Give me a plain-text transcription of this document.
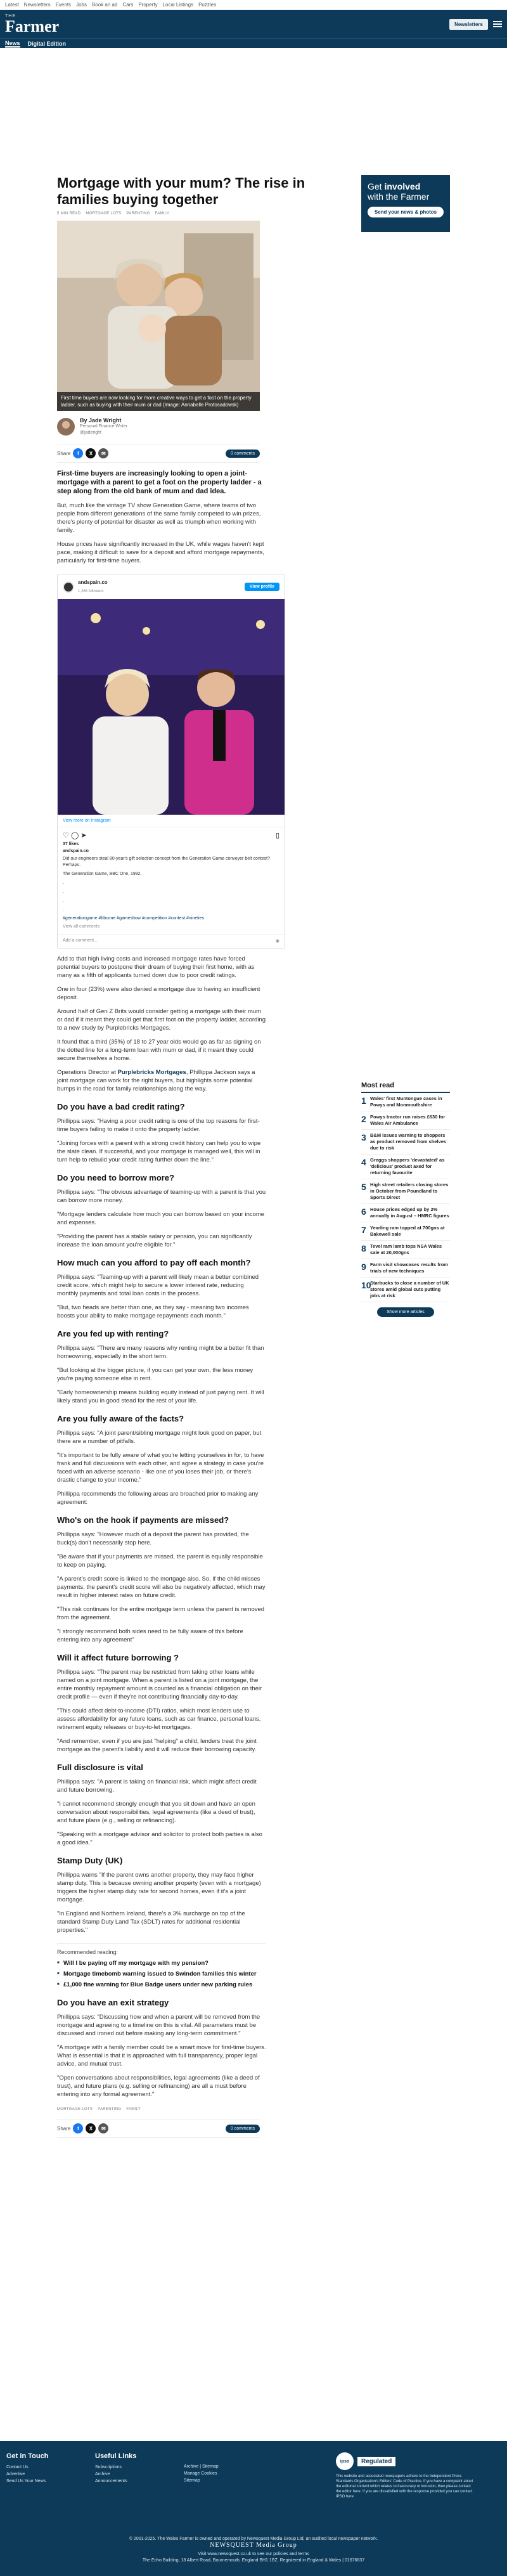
Latest Newsletters Events Jobs Book an ad Cars Property Local Listings Puzzles
THE
Farmer	Newsletters
News Digital Edition
Mortgage with your mum? The rise in families buying together
5 MIN READ MORTGAGE LOTS PARENTING FAMILY
First time buyers are now looking for more creative ways to get a foot on the property ladder, such as buying with their mum or dad (Image: Annabelle Protosadowsk)
By Jade Wright
Personal Finance Writer
@jaderight
Share	f	X	✉	0 comments

First-time buyers are increasingly looking to open a joint-mortgage with a parent to get a foot on the property ladder - a step along from the old bank of mum and dad idea.

But, much like the vintage TV show Generation Game, where teams of two people from different generations of the same family competed to win prizes, there's plenty of potential for disaster as well as triumph when working with family.

House prices have significantly increased in the UK, while wages haven't kept pace, making it difficult to save for a deposit and afford mortgage repayments, particularly for first-time buyers.

andspain.co
1,266 followers
View profile
View more on Instagram
♡ ◯ ➤	▯
37 likes
andspain.co
Did our engineers steal 80-year's gift selection concept from the Generation Game conveyer belt contest? Perhaps.
The Generation Game, BBC One, 1992.
.
.
.
.
#generationgame #bbcone #gameshow #competition #contest #nineties
View all comments
Add a comment...	◉

Add to that high living costs and increased mortgage rates have forced potential buyers to postpone their dream of buying their first home, with as many as a fifth of applicants turned down due to poor credit ratings.

One in four (23%) were also denied a mortgage due to having an insufficient deposit.

Around half of Gen Z Brits would consider getting a mortgage with their mum or dad if it meant they could get that first foot on the property ladder, according to a new study by Purplebricks Mortgages.

It found that a third (35%) of 18 to 27 year olds would go as far as signing on the dotted line for a long-term loan with mum or dad, if it meant they could secure themselves a home.

Operations Director at Purplebricks Mortgages, Phillippa Jackson says a joint mortgage can work for the right buyers, but highlights some potential bumps in the road for family relationships along the way.

Do you have a bad credit rating?

Phillippa says: "Having a poor credit rating is one of the top reasons for first-time buyers failing to make it onto the property ladder.

"Joining forces with a parent with a strong credit history can help you to wipe the slate clean. If successful, and your mortgage is managed well, this will in turn help to rebuild your credit rating further down the line."

Do you need to borrow more?

Phillippa says: "The obvious advantage of teaming-up with a parent is that you can borrow more money.

"Mortgage lenders calculate how much you can borrow based on your income and expenses.

"Providing the parent has a stable salary or pension, you can significantly increase the loan amount you're eligible for."

How much can you afford to pay off each month?

Phillippa says: "Teaming-up with a parent will likely mean a better combined credit score, which might help to secure a lower interest rate, reducing monthly payments and total loan costs in the process.

"But, two heads are better than one, as they say - meaning two incomes boosts your ability to make mortgage repayments each month."

Are you fed up with renting?

Phillippa says: "There are many reasons why renting might be a better fit than homeowning, especially in the short term.

"But looking at the bigger picture, if you can get your own, the less money you're paying someone else in rent.

"Early homeownership means building equity instead of just paying rent. It will likely stand you in good stead for the rest of your life.

Are you fully aware of the facts?

Phillippa says: "A joint parent/sibling mortgage might look good on paper, but there are a number of pitfalls.

"It's important to be fully aware of what you're letting yourselves in for, to have frank and full discussions with each other, and agree a strategy in case you're faced with an adverse scenario - like one of you loses their job, or there's drastic change to your income."

Phillippa recommends the following areas are broached prior to making any agreement:

Who's on the hook if payments are missed?

Phillippa says: "However much of a deposit the parent has provided, the buck(s) don't necessarily stop here.

"Be aware that if your payments are missed, the parent is equally responsible to keep on paying.

"A parent's credit score is linked to the mortgage also. So, if the child misses payments, the parent's credit score will also be negatively affected, which may result in higher interest rates on future credit.

"This risk continues for the entire mortgage term unless the parent is removed from the agreement.

"I strongly recommend both sides need to be fully aware of this before entering into any agreement"

Will it affect future borrowing ?

Phillippa says: "The parent may be restricted from taking other loans while named on a joint mortgage. When a parent is listed on a joint mortgage, the entire monthly repayment amount is counted as a financial obligation on their credit profile — even if they're not contributing financially day-to-day.

"This could affect debt-to-income (DTI) ratios, which most lenders use to assess affordability for any future loans, such as car finance, personal loans, retirement equity releases or buy-to-let mortgages.

"And remember, even if you are just "helping" a child, lenders treat the joint mortgage as the parent's liability and it will reduce their borrowing capacity.

Full disclosure is vital

Phillippa says: "A parent is taking on financial risk, which might affect credit and future borrowing.

"I cannot recommend strongly enough that you sit down and have an open conversation about responsibilities, legal agreements (like a deed of trust), and future plans (e.g., selling or refinancing).

"Speaking with a mortgage advisor and solicitor to protect both parties is also a good idea."

Stamp Duty (UK)

Phillippa warns "If the parent owns another property, they may face higher stamp duty. This is because owning another property (even with a mortgage) triggers the higher stamp duty rate for second homes, even if it's a joint mortgage.

"In England and Northern Ireland, there's a 3% surcharge on top of the standard Stamp Duty Land Tax (SDLT) rates for additional residential properties."

Recommended reading:
■ Will I be paying off my mortgage with my pension?
■ Mortgage timebomb warning issued to Swindon families this winter
■ £1,000 fine warning for Blue Badge users under new parking rules
Do you have an exit strategy

Phillippa says: "Discussing how and when a parent will be removed from the mortgage and agreeing to a timeline on this is vital. All parameters must be discussed and ironed out before making any long-term commitment."

"A mortgage with a family member could be a smart move for first-time buyers. What is essential is that it is approached with full transparency, proper legal advice, and mutual trust.

"Open conversations about responsibilities, legal agreements (like a deed of trust), and future plans (e.g. selling or refinancing) are all a must before entering into any formal agreement."

MORTGAGE LOTS PARENTING FAMILY
Share	f	X	✉	0 comments
Get involved
with the Farmer
Send your news & photos
Most read
1 Wales' first Muntongue cases in Powys and Monmouthshire
2 Powys tractor run raises £630 for Wales Air Ambulance
3 B&M issues warning to shoppers as product removed from shelves due to risk
4 Greggs shoppers 'devastated' as 'delicious' product axed for returning favourite
5 High street retailers closing stores in October from Poundland to Sports Direct
6 House prices edged up by 2% annually in August – HMRC figures
7 Yearling ram topped at 700gns at Bakewell sale
8 Tevel ram lamb tops NSA Wales sale at 20,000gns
9 Farm visit showcases results from trials of new techniques
10
Starbucks to close a number of UK stores amid global cuts putting jobs at risk
Show more articles
Get in Touch
Contact Us
Advertise
Send Us Your News
Useful Links
Subscriptions
Archive
Announcements
Archive | Sitemap
Manage Cookies
Sitemap
ipso	Regulated

This website and associated newspapers adhere to the Independent Press Standards Organisation's Editors' Code of Practice. If you have a complaint about the editorial content which relates to inaccuracy or intrusion, then please contact the editor here. If you are dissatisfied with the response provided you can contact IPSO here

© 2001-2025. The Wales Farmer is owned and operated by Newsquest Media Group Ltd, an audited local newspaper network.
NEWSQUEST Media Group
Visit www.newsquest.co.uk to see our policies and terms
The Echo Building, 18 Albert Road, Bournemouth, England BH1 1BZ. Registered in England & Wales | 01676637
